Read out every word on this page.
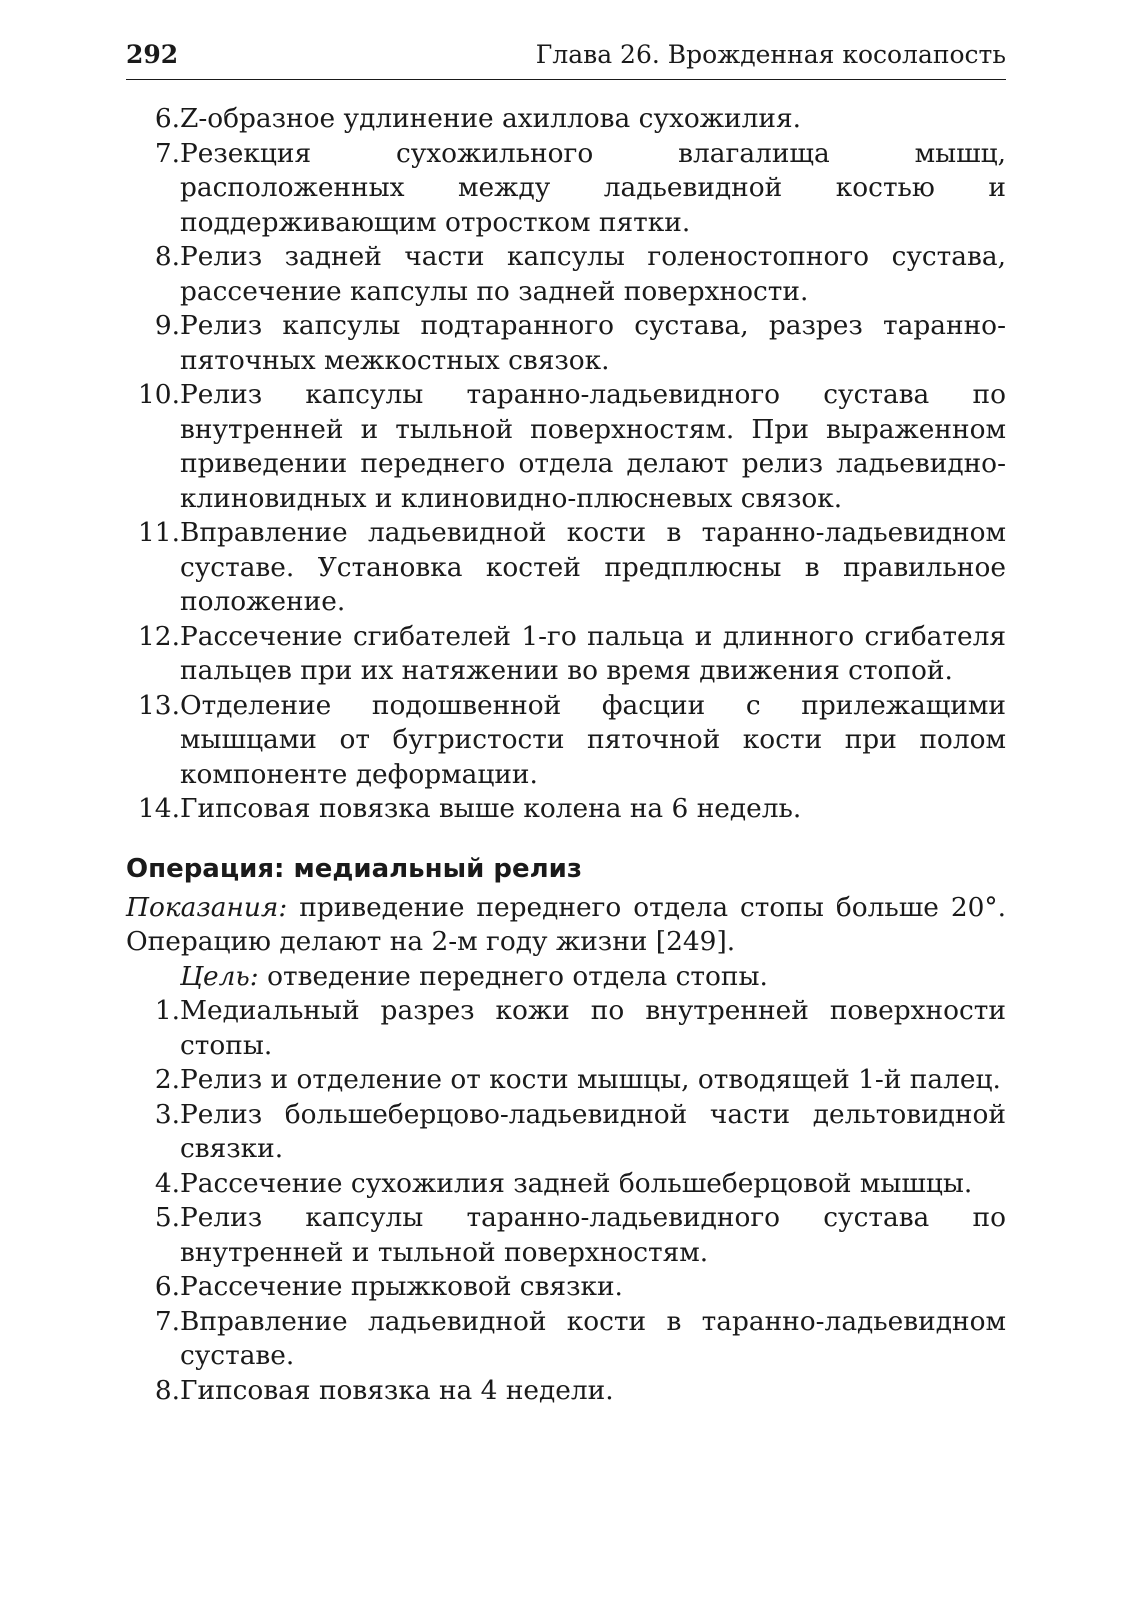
292	Глава 26. Врожденная косолапость
6. Z-образное удлинение ахиллова сухожилия.
7. Резекция сухожильного влагалища мышц, расположенных между ладьевидной костью и поддерживающим отростком пятки.
8. Релиз задней части капсулы голеностопного сустава, рассечение капсулы по задней поверхности.
9. Релиз капсулы подтаранного сустава, разрез таранно-пяточных межкостных связок.
10. Релиз капсулы таранно-ладьевидного сустава по внутренней и тыльной поверхностям. При выраженном приведении переднего отдела делают релиз ладьевидно-клиновидных и клиновидно-плюсневых связок.
11. Вправление ладьевидной кости в таранно-ладьевидном суставе. Установка костей предплюсны в правильное положение.
12. Рассечение сгибателей 1-го пальца и длинного сгибателя пальцев при их натяжении во время движения стопой.
13. Отделение подошвенной фасции с прилежащими мышцами от бугристости пяточной кости при полом компоненте деформации.
14. Гипсовая повязка выше колена на 6 недель.
Операция: медиальный релиз

Показания: приведение переднего отдела стопы больше 20°. Операцию делают на 2-м году жизни [249].

Цель: отведение переднего отдела стопы.

1. Медиальный разрез кожи по внутренней поверхности стопы.
2. Релиз и отделение от кости мышцы, отводящей 1-й палец.
3. Релиз большеберцово-ладьевидной части дельтовидной связки.
4. Рассечение сухожилия задней большеберцовой мышцы.
5. Релиз капсулы таранно-ладьевидного сустава по внутренней и тыльной поверхностям.
6. Рассечение прыжковой связки.
7. Вправление ладьевидной кости в таранно-ладьевидном суставе.
8. Гипсовая повязка на 4 недели.
